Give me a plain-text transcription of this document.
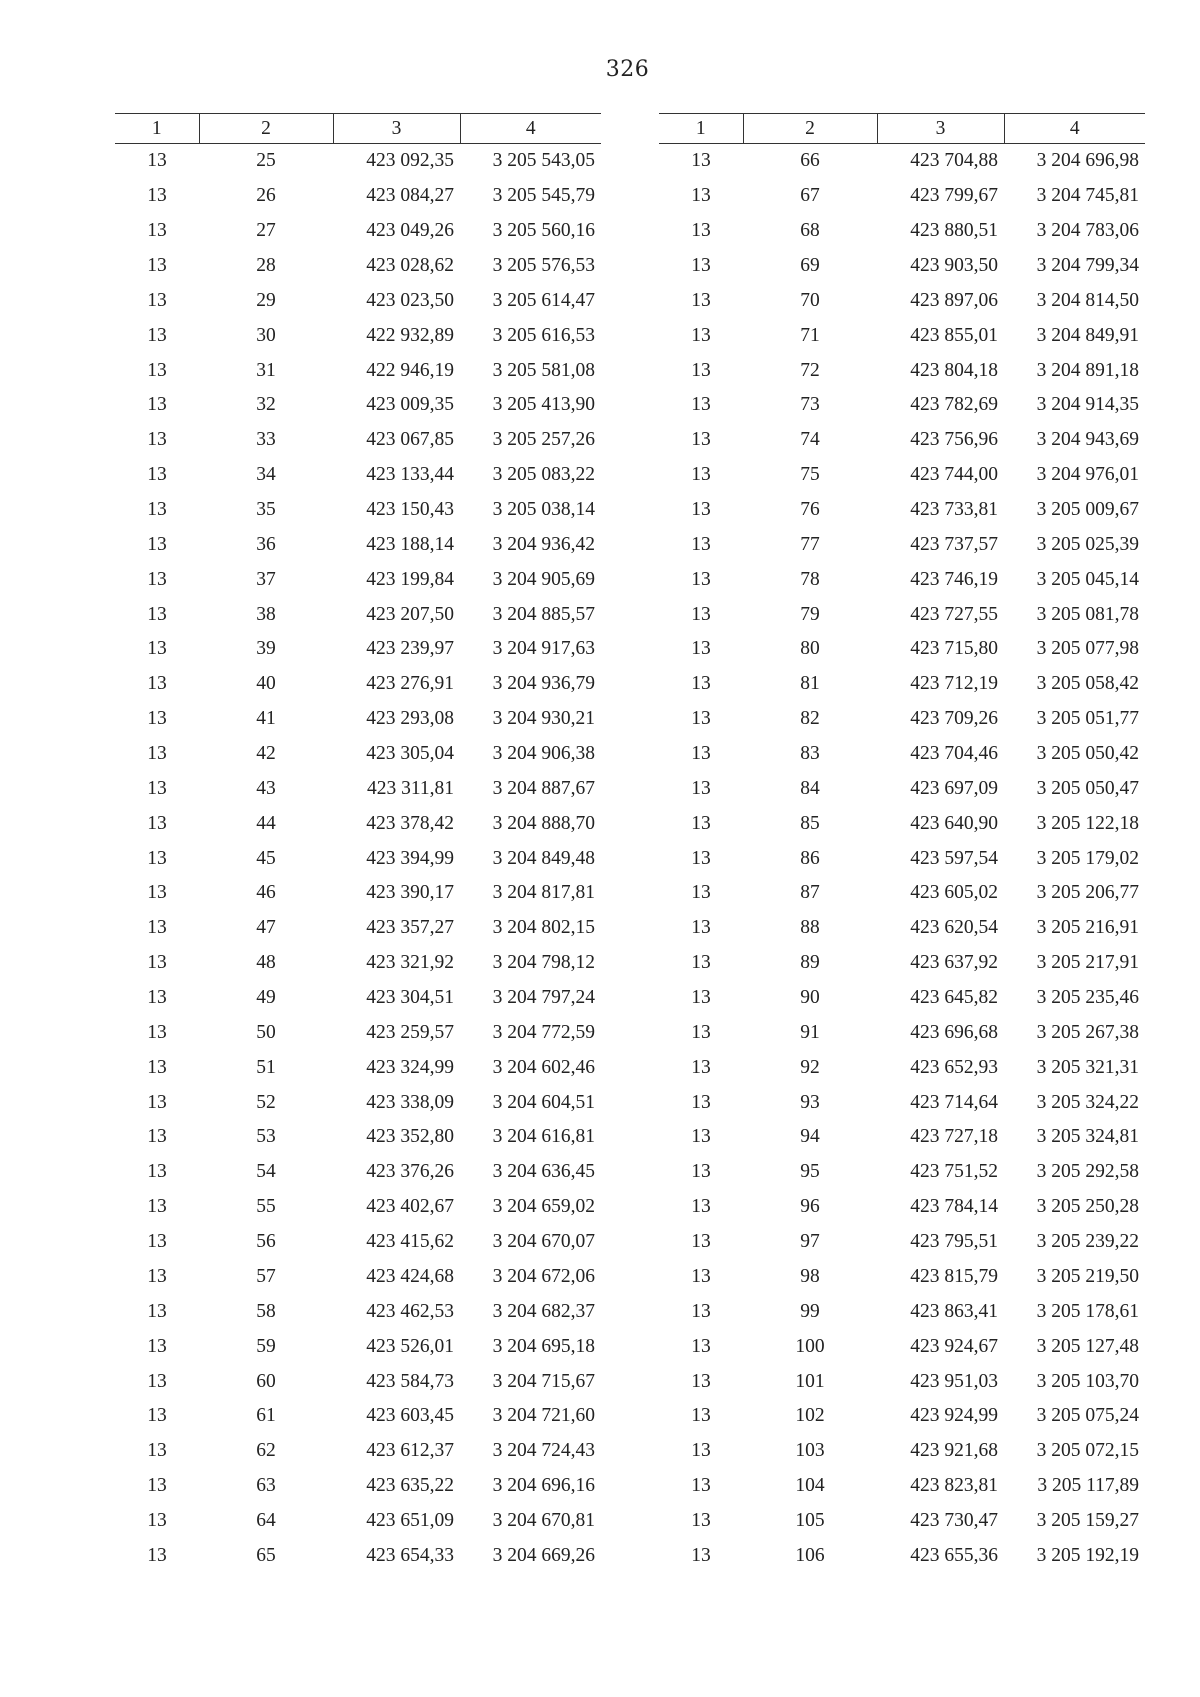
326
1	2	3	4
13	25	423 092,35	3 205 543,05
13	26	423 084,27	3 205 545,79
13	27	423 049,26	3 205 560,16
13	28	423 028,62	3 205 576,53
13	29	423 023,50	3 205 614,47
13	30	422 932,89	3 205 616,53
13	31	422 946,19	3 205 581,08
13	32	423 009,35	3 205 413,90
13	33	423 067,85	3 205 257,26
13	34	423 133,44	3 205 083,22
13	35	423 150,43	3 205 038,14
13	36	423 188,14	3 204 936,42
13	37	423 199,84	3 204 905,69
13	38	423 207,50	3 204 885,57
13	39	423 239,97	3 204 917,63
13	40	423 276,91	3 204 936,79
13	41	423 293,08	3 204 930,21
13	42	423 305,04	3 204 906,38
13	43	423 311,81	3 204 887,67
13	44	423 378,42	3 204 888,70
13	45	423 394,99	3 204 849,48
13	46	423 390,17	3 204 817,81
13	47	423 357,27	3 204 802,15
13	48	423 321,92	3 204 798,12
13	49	423 304,51	3 204 797,24
13	50	423 259,57	3 204 772,59
13	51	423 324,99	3 204 602,46
13	52	423 338,09	3 204 604,51
13	53	423 352,80	3 204 616,81
13	54	423 376,26	3 204 636,45
13	55	423 402,67	3 204 659,02
13	56	423 415,62	3 204 670,07
13	57	423 424,68	3 204 672,06
13	58	423 462,53	3 204 682,37
13	59	423 526,01	3 204 695,18
13	60	423 584,73	3 204 715,67
13	61	423 603,45	3 204 721,60
13	62	423 612,37	3 204 724,43
13	63	423 635,22	3 204 696,16
13	64	423 651,09	3 204 670,81
13	65	423 654,33	3 204 669,26
1	2	3	4
13	66	423 704,88	3 204 696,98
13	67	423 799,67	3 204 745,81
13	68	423 880,51	3 204 783,06
13	69	423 903,50	3 204 799,34
13	70	423 897,06	3 204 814,50
13	71	423 855,01	3 204 849,91
13	72	423 804,18	3 204 891,18
13	73	423 782,69	3 204 914,35
13	74	423 756,96	3 204 943,69
13	75	423 744,00	3 204 976,01
13	76	423 733,81	3 205 009,67
13	77	423 737,57	3 205 025,39
13	78	423 746,19	3 205 045,14
13	79	423 727,55	3 205 081,78
13	80	423 715,80	3 205 077,98
13	81	423 712,19	3 205 058,42
13	82	423 709,26	3 205 051,77
13	83	423 704,46	3 205 050,42
13	84	423 697,09	3 205 050,47
13	85	423 640,90	3 205 122,18
13	86	423 597,54	3 205 179,02
13	87	423 605,02	3 205 206,77
13	88	423 620,54	3 205 216,91
13	89	423 637,92	3 205 217,91
13	90	423 645,82	3 205 235,46
13	91	423 696,68	3 205 267,38
13	92	423 652,93	3 205 321,31
13	93	423 714,64	3 205 324,22
13	94	423 727,18	3 205 324,81
13	95	423 751,52	3 205 292,58
13	96	423 784,14	3 205 250,28
13	97	423 795,51	3 205 239,22
13	98	423 815,79	3 205 219,50
13	99	423 863,41	3 205 178,61
13	100	423 924,67	3 205 127,48
13	101	423 951,03	3 205 103,70
13	102	423 924,99	3 205 075,24
13	103	423 921,68	3 205 072,15
13	104	423 823,81	3 205 117,89
13	105	423 730,47	3 205 159,27
13	106	423 655,36	3 205 192,19
